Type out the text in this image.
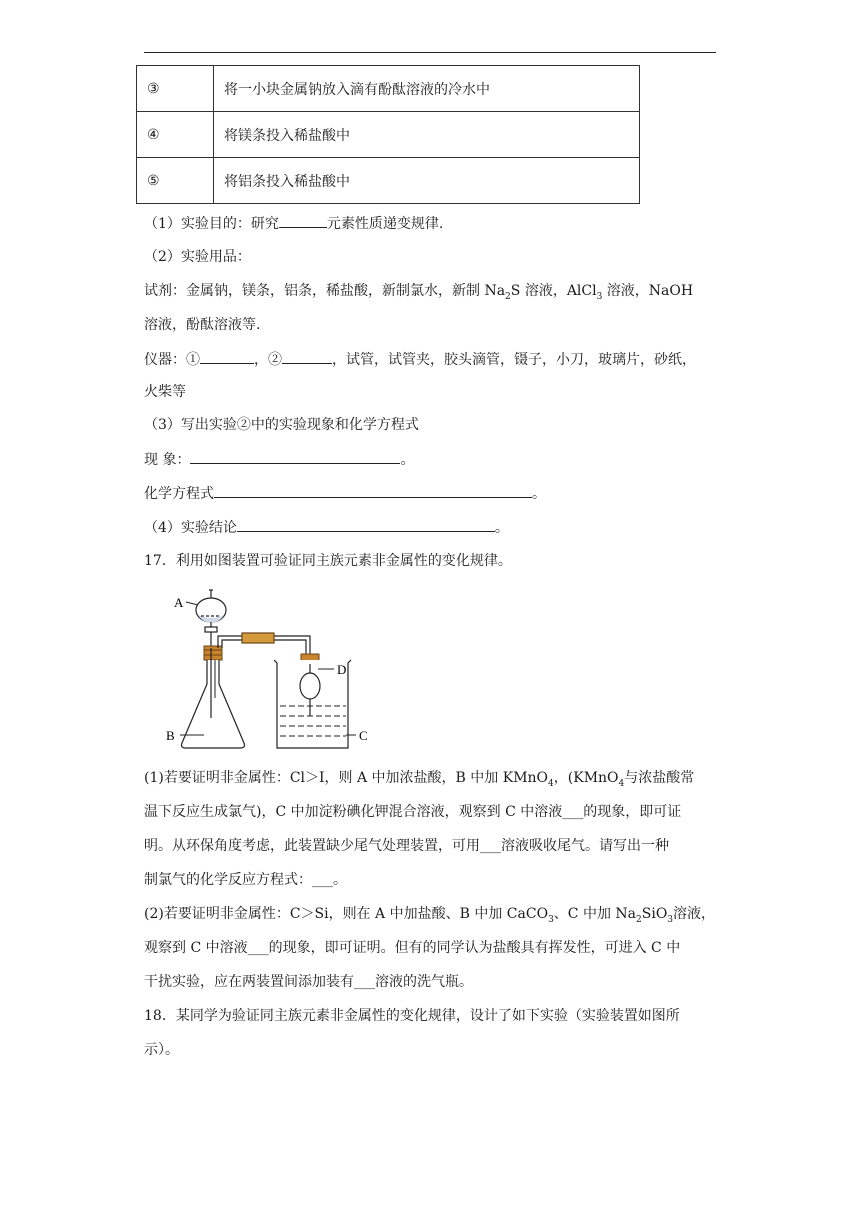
③	将一小块金属钠放入滴有酚酞溶液的冷水中
④	将镁条投入稀盐酸中
⑤	将铝条投入稀盐酸中
（1）实验目的：研究	元素性质递变规律.
（2）实验用品：
试剂：金属钠，镁条，铝条，稀盐酸，新制氯水，新制 $Na_2S$ 溶液，AlCl$_3$ 溶液，NaOH
溶液，酚酞溶液等.
仪器：①	，②	，试管，试管夹，胶头滴管，镊子，小刀，玻璃片，砂纸，
火柴等
（3）写出实验②中的实验现象和化学方程式
现 象：	。
化学方程式	。
（4）实验结论	。
17．利用如图装置可验证同主族元素非金属性的变化规律。
A
D
B	C
(1)若要证明非金属性：Cl＞I，则 A 中加浓盐酸，B 中加 KMnO$_4$，(KMnO$_4$与浓盐酸常
温下反应生成氯气)，C 中加淀粉碘化钾混合溶液，观察到 C 中溶液___的现象，即可证
明。从环保角度考虑，此装置缺少尾气处理装置，可用___溶液吸收尾气。请写出一种
制氯气的化学反应方程式：___。
(2)若要证明非金属性：C＞Si，则在 A 中加盐酸、B 中加 CaCO$_3$、C 中加 $Na_2SiO_3$溶液，
观察到 C 中溶液___的现象，即可证明。但有的同学认为盐酸具有挥发性，可进入 C 中
干扰实验，应在两装置间添加装有___溶液的洗气瓶。
18．某同学为验证同主族元素非金属性的变化规律，设计了如下实验（实验装置如图所
示）。
